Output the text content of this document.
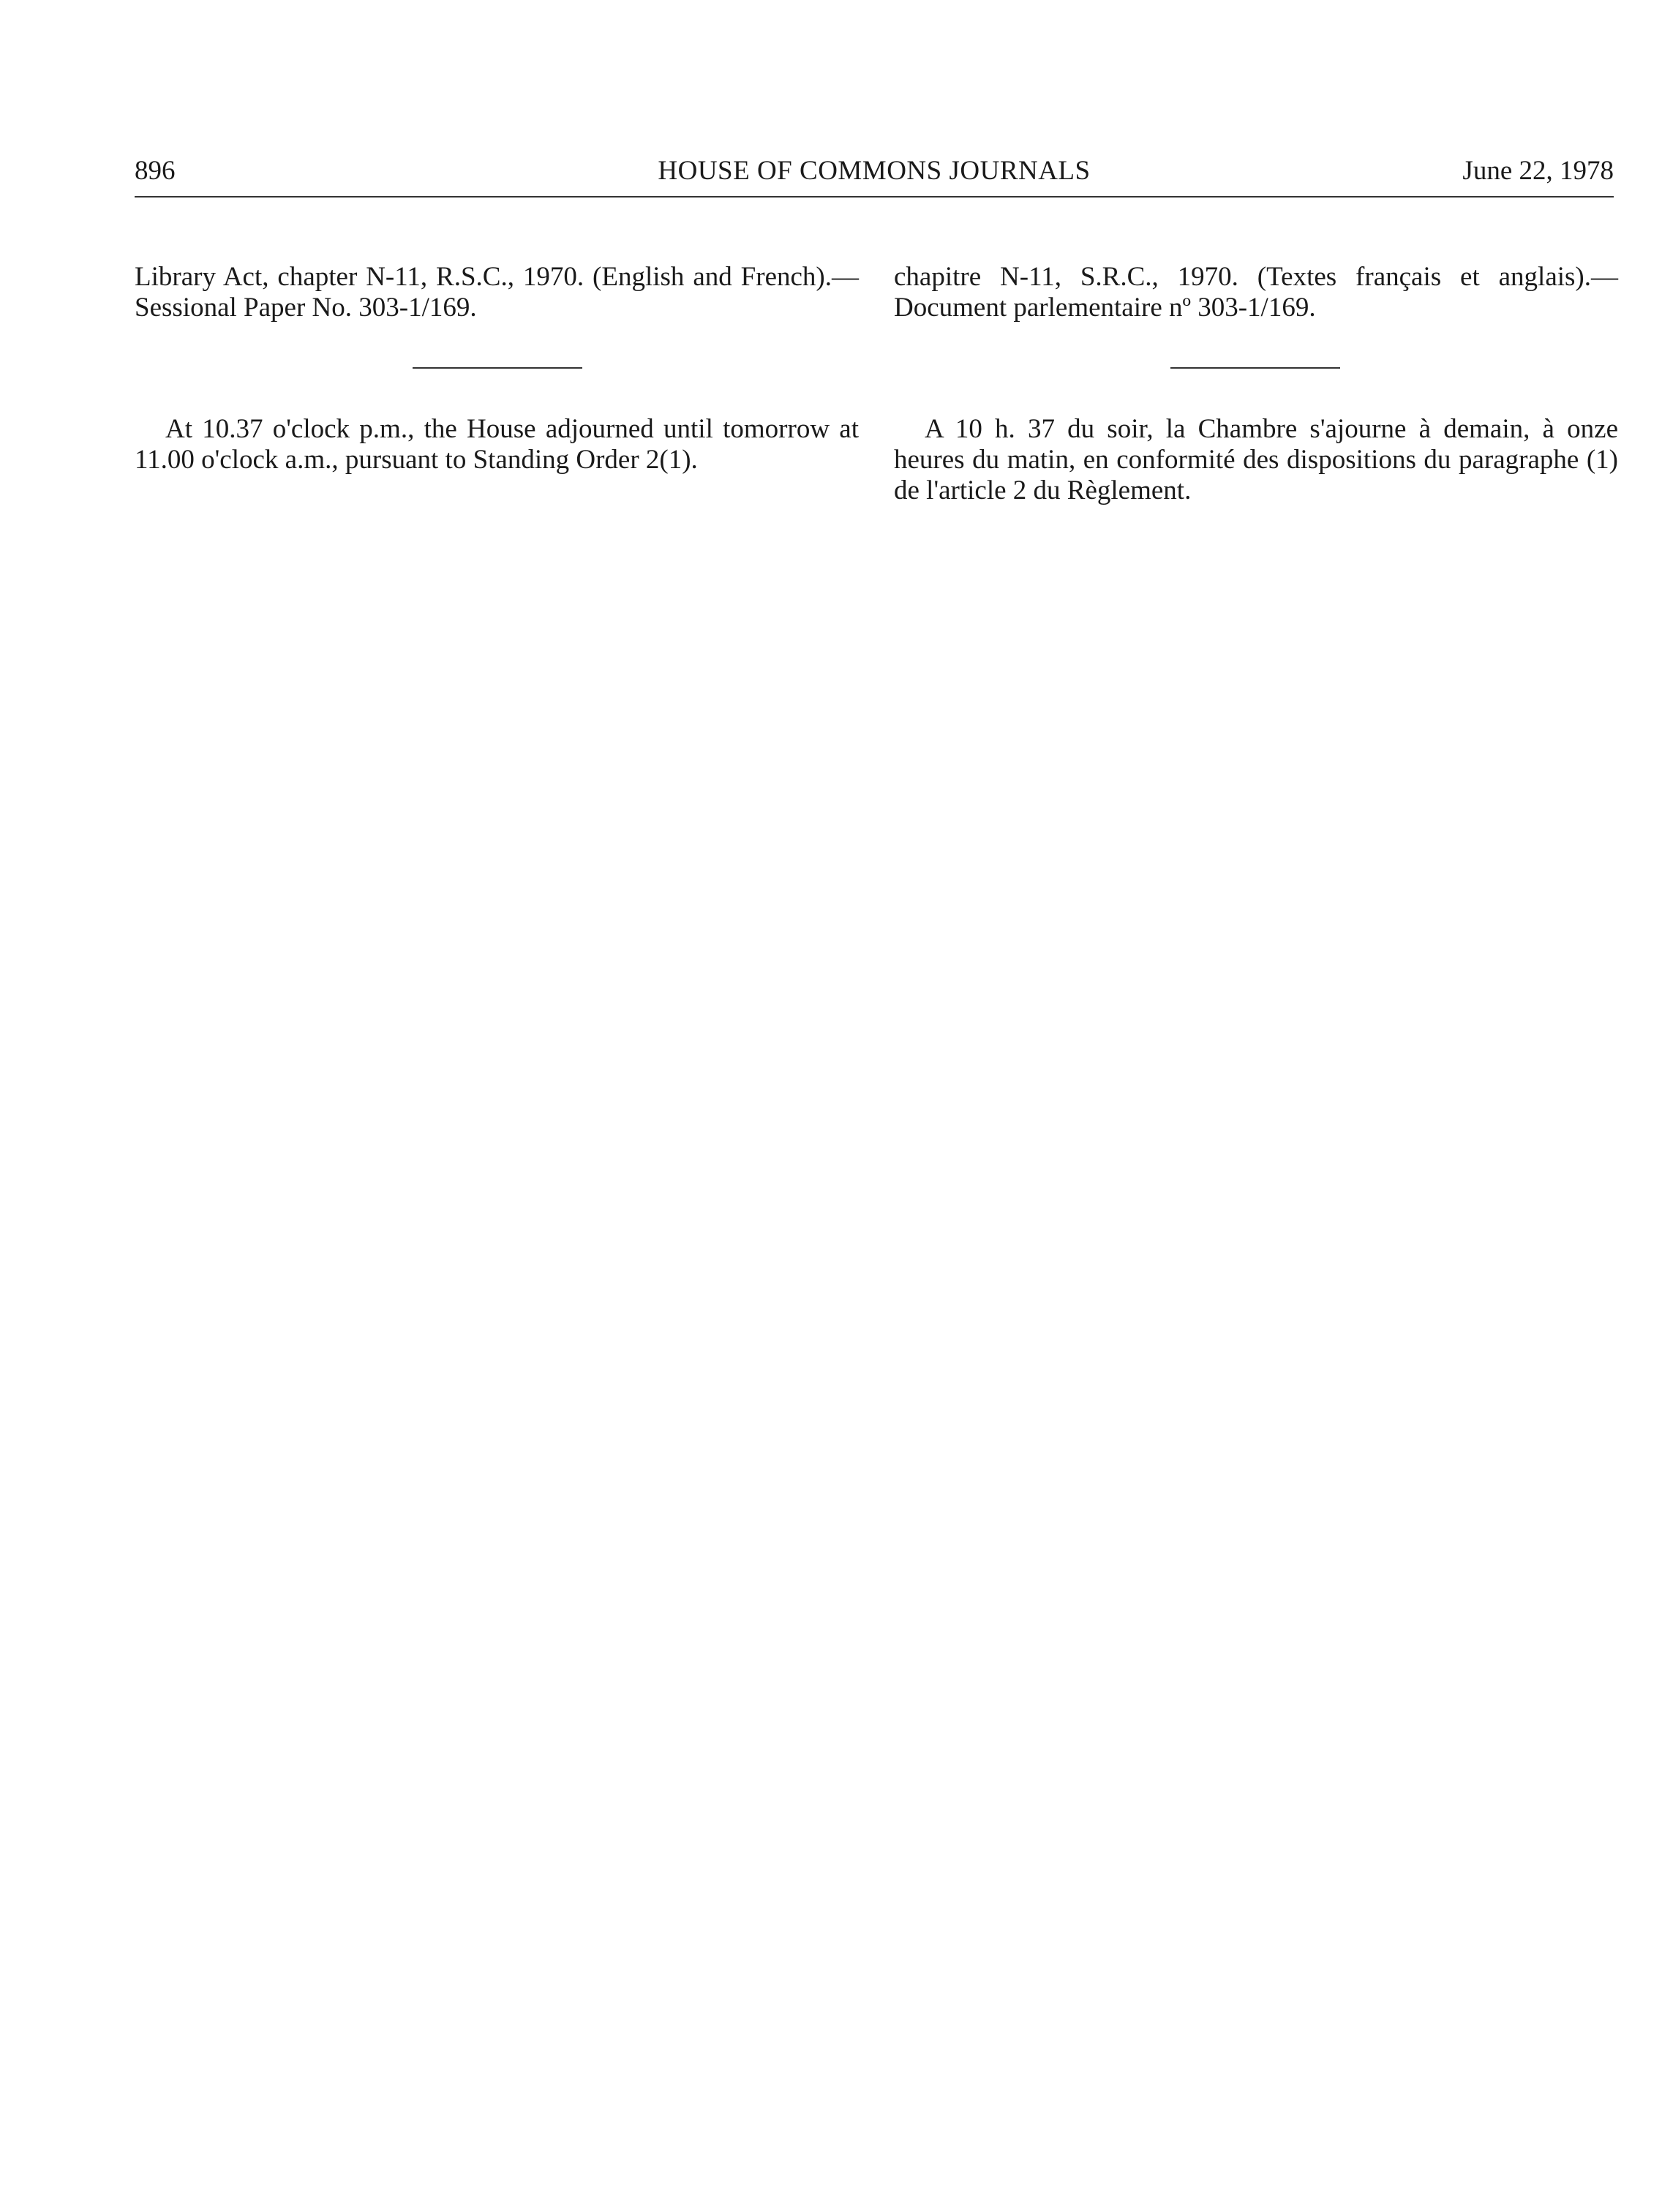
896	HOUSE OF COMMONS JOURNALS	June 22, 1978

Library Act, chapter N-11, R.S.C., 1970. (English and French).—Sessional Paper No. 303-1/169.

chapitre N-11, S.R.C., 1970. (Textes français et anglais).— Document parlementaire nº 303-1/169.

At 10.37 o'clock p.m., the House adjourned until tomorrow at 11.00 o'clock a.m., pursuant to Standing Order 2(1).

A 10 h. 37 du soir, la Chambre s'ajourne à demain, à onze heures du matin, en conformité des dispositions du paragraphe (1) de l'article 2 du Règlement.
